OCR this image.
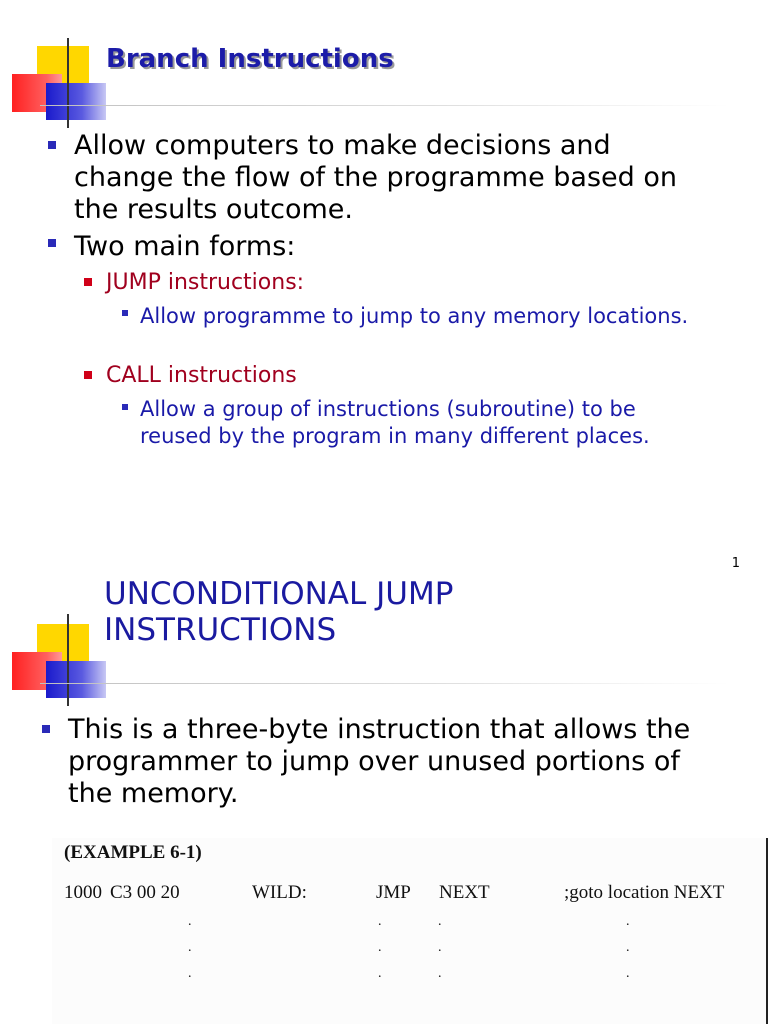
Branch Instructions
Allow computers to make decisions and change the flow of the programme based on the results outcome.
Two main forms:
JUMP instructions:
Allow programme to jump to any memory locations.
CALL instructions
Allow a group of instructions (subroutine) to be reused by the program in many different places.
1
UNCONDITIONAL JUMP INSTRUCTIONS
This is a three-byte instruction that allows the programmer to jump over unused portions of the memory.
(EXAMPLE 6-1)
1000 C3 00 20	WILD:	JMP NEXT	;goto location NEXT
.	.	.	.
.	.	.	.
.	.	.	.
